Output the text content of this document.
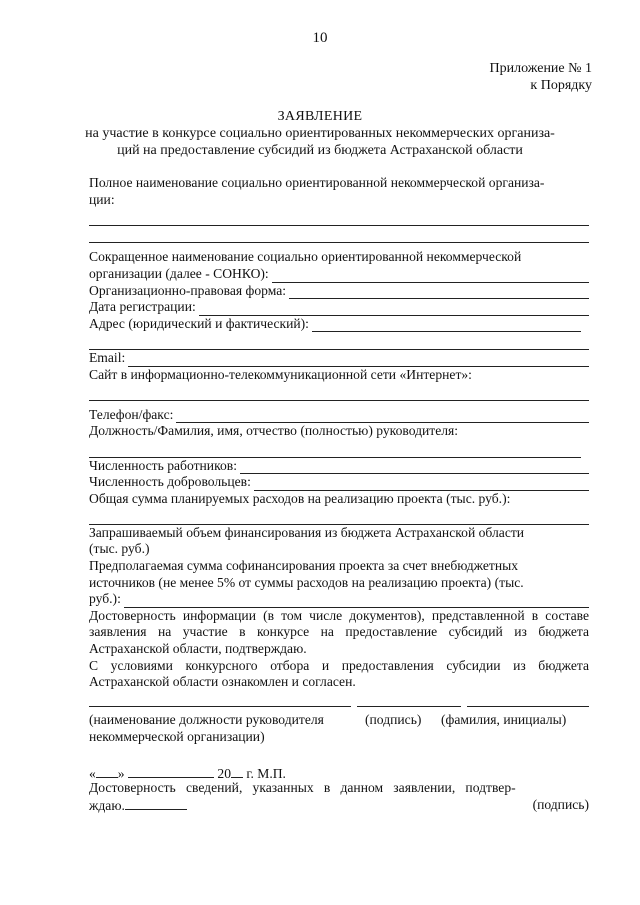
10
Приложение № 1
к Порядку
ЗАЯВЛЕНИЕ
на участие в конкурсе социально ориентированных некоммерческих организа-
ций на предоставление субсидий из бюджета Астраханской области
Полное наименование социально ориентированной некоммерческой организа-
ции:
Сокращенное наименование социально ориентированной некоммерческой
организации (далее - СОНКО):
Организационно-правовая форма:
Дата регистрации:
Адрес (юридический и фактический):
Email:
Сайт в информационно-телекоммуникационной сети «Интернет»:
Телефон/факс:
Должность/Фамилия, имя, отчество (полностью) руководителя:
Численность работников:
Численность добровольцев:
Общая сумма планируемых расходов на реализацию проекта (тыс. руб.):
Запрашиваемый объем финансирования из бюджета Астраханской области
(тыс. руб.)
Предполагаемая сумма софинансирования проекта за счет внебюджетных
источников (не менее 5% от суммы расходов на реализацию проекта) (тыс.
руб.):
Достоверность информации (в том числе документов), представленной в составе заявления на участие в конкурсе на предоставление субсидий из бюджета Астраханской области, подтверждаю.
С условиями конкурсного отбора и предоставления субсидии из бюджета Астраханской области ознакомлен и согласен.
(наименование должности руководителя	(подпись) (фамилия, инициалы)
некоммерческой организации)
« »	20 г. М.П.
Достоверность   сведений,   указанных   в   данном   заявлении,   подтвер-
ждаю.	(подпись)
